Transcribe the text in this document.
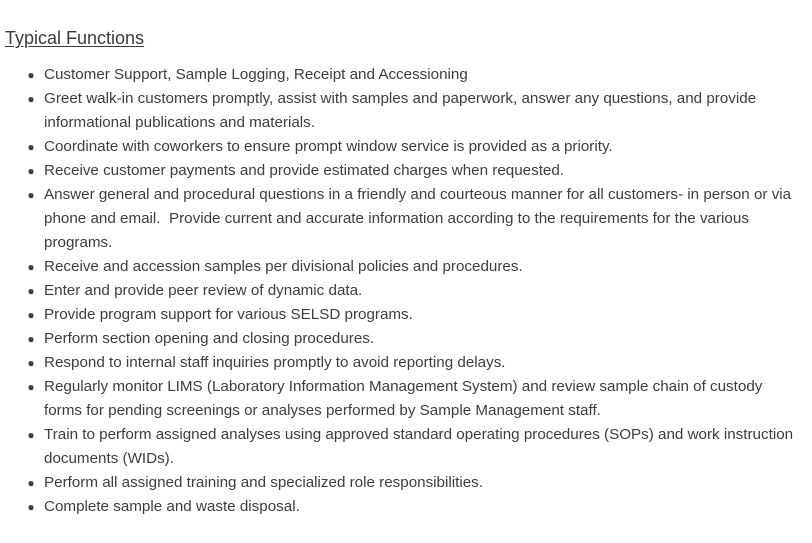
Typical Functions
● Customer Support, Sample Logging, Receipt and Accessioning
● Greet walk-in customers promptly, assist with samples and paperwork, answer any questions, and provide informational publications and materials.
● Coordinate with coworkers to ensure prompt window service is provided as a priority.
● Receive customer payments and provide estimated charges when requested.
● Answer general and procedural questions in a friendly and courteous manner for all customers- in person or via phone and email.  Provide current and accurate information according to the requirements for the various programs.
● Receive and accession samples per divisional policies and procedures.
● Enter and provide peer review of dynamic data.
● Provide program support for various SELSD programs.
● Perform section opening and closing procedures.
● Respond to internal staff inquiries promptly to avoid reporting delays.
● Regularly monitor LIMS (Laboratory Information Management System) and review sample chain of custody forms for pending screenings or analyses performed by Sample Management staff.
● Train to perform assigned analyses using approved standard operating procedures (SOPs) and work instruction documents (WIDs).
● Perform all assigned training and specialized role responsibilities.
● Complete sample and waste disposal.
